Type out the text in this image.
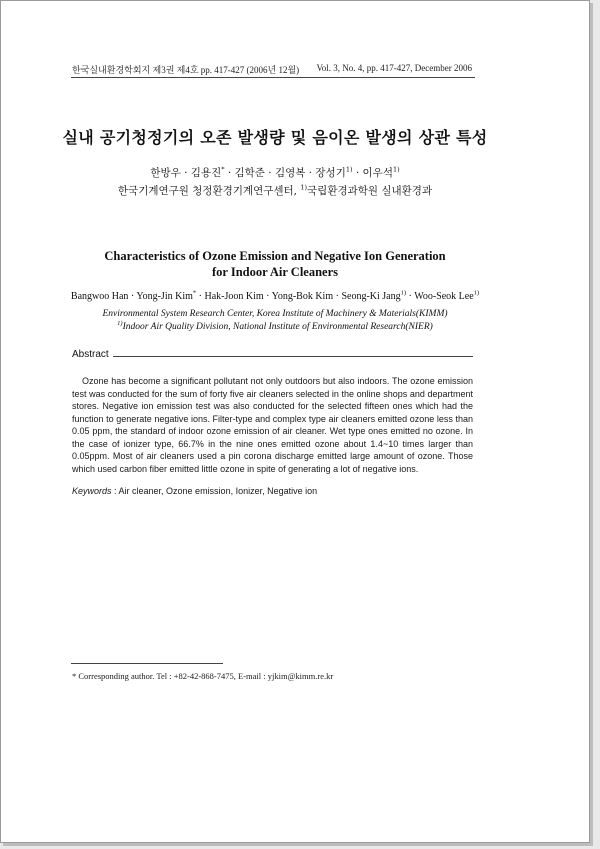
한국실내환경학회지 제3권 제4호 pp. 417-427 (2006년 12월) Vol. 3, No. 4, pp. 417-427, December 2006
실내 공기청정기의 오존 발생량 및 음이온 발생의 상관 특성
한방우 · 김용진* · 김학준 · 김영복 · 장성기$^{1)}$ · 이우석$^{1)}$
한국기계연구원 청정환경기계연구센터, $^{1)}$국립환경과학원 실내환경과
Characteristics of Ozone Emission and Negative Ion Generation
for Indoor Air Cleaners
Bangwoo Han · Yong-Jin Kim* · Hak-Joon Kim · Yong-Bok Kim · Seong-Ki Jang$^{1)}$ · Woo-Seok Lee$^{1)}$
Environmental System Research Center, Korea Institute of Machinery & Materials(KIMM)
$^{1)}$Indoor Air Quality Division, National Institute of Environmental Research(NIER)
Abstract
Ozone has become a significant pollutant not only outdoors but also indoors. The ozone emission test was conducted for the sum of forty five air cleaners selected in the online shops and department stores. Negative ion emission test was also conducted for the selected fifteen ones which had the function to generate negative ions. Filter-type and complex type air cleaners emitted ozone less than 0.05 ppm, the standard of indoor ozone emission of air cleaner. Wet type ones emitted no ozone. In the case of ionizer type, 66.7% in the nine ones emitted ozone about 1.4~10 times larger than 0.05ppm. Most of air cleaners used a pin corona discharge emitted large amount of ozone. Those which used carbon fiber emitted little ozone in spite of generating a lot of negative ions.
Keywords : Air cleaner, Ozone emission, Ionizer, Negative ion
* Corresponding author. Tel : +82-42-868-7475, E-mail : yjkim@kimm.re.kr
